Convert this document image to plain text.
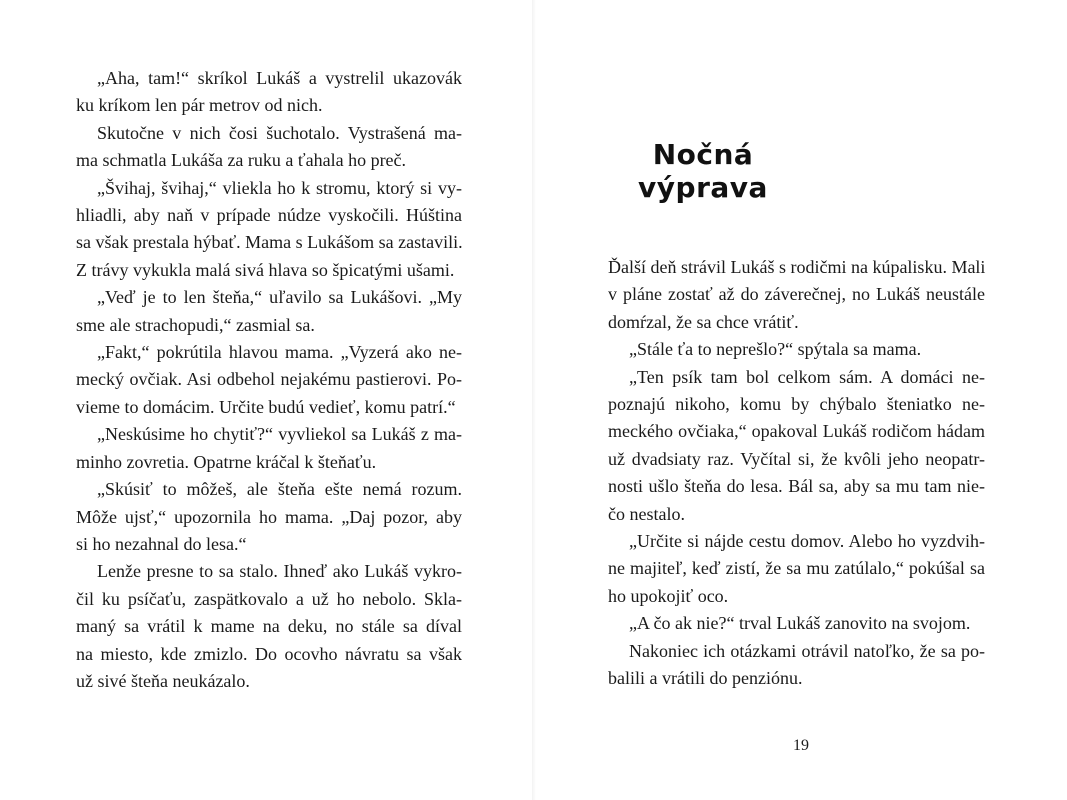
„Aha, tam!“ skríkol Lukáš a vystrelil ukazovák
ku kríkom len pár metrov od nich.
Skutočne v nich čosi šuchotalo. Vystrašená ma-
ma schmatla Lukáša za ruku a ťahala ho preč.
„Švihaj, švihaj,“ vliekla ho k stromu, ktorý si vy-
hliadli, aby naň v prípade núdze vyskočili. Húština
sa však prestala hýbať. Mama s Lukášom sa zastavili.
Z trávy vykukla malá sivá hlava so špicatými ušami.
„Veď je to len šteňa,“ uľavilo sa Lukášovi. „My
sme ale strachopudi,“ zasmial sa.
„Fakt,“ pokrútila hlavou mama. „Vyzerá ako ne-
mecký ovčiak. Asi odbehol nejakému pastierovi. Po-
vieme to domácim. Určite budú vedieť, komu patrí.“
„Neskúsime ho chytiť?“ vyvliekol sa Lukáš z ma-
minho zovretia. Opatrne kráčal k šteňaťu.
„Skúsiť to môžeš, ale šteňa ešte nemá rozum.
Môže ujsť,“ upozornila ho mama. „Daj pozor, aby
si ho nezahnal do lesa.“
Lenže presne to sa stalo. Ihneď ako Lukáš vykro-
čil ku psíčaťu, zaspätkovalo a už ho nebolo. Skla-
maný sa vrátil k mame na deku, no stále sa díval
na miesto, kde zmizlo. Do ocovho návratu sa však
už sivé šteňa neukázalo.
Nočná výprava
Ďalší deň strávil Lukáš s rodičmi na kúpalisku. Mali
v pláne zostať až do záverečnej, no Lukáš neustále
domŕzal, že sa chce vrátiť.
„Stále ťa to neprešlo?“ spýtala sa mama.
„Ten psík tam bol celkom sám. A domáci ne-
poznajú nikoho, komu by chýbalo šteniatko ne-
meckého ovčiaka,“ opakoval Lukáš rodičom hádam
už dvadsiaty raz. Vyčítal si, že kvôli jeho neopatr-
nosti ušlo šteňa do lesa. Bál sa, aby sa mu tam nie-
čo nestalo.
„Určite si nájde cestu domov. Alebo ho vyzdvih-
ne majiteľ, keď zistí, že sa mu zatúlalo,“ pokúšal sa
ho upokojiť oco.
„A čo ak nie?“ trval Lukáš zanovito na svojom.
Nakoniec ich otázkami otrávil natoľko, že sa po-
balili a vrátili do penziónu.
19
